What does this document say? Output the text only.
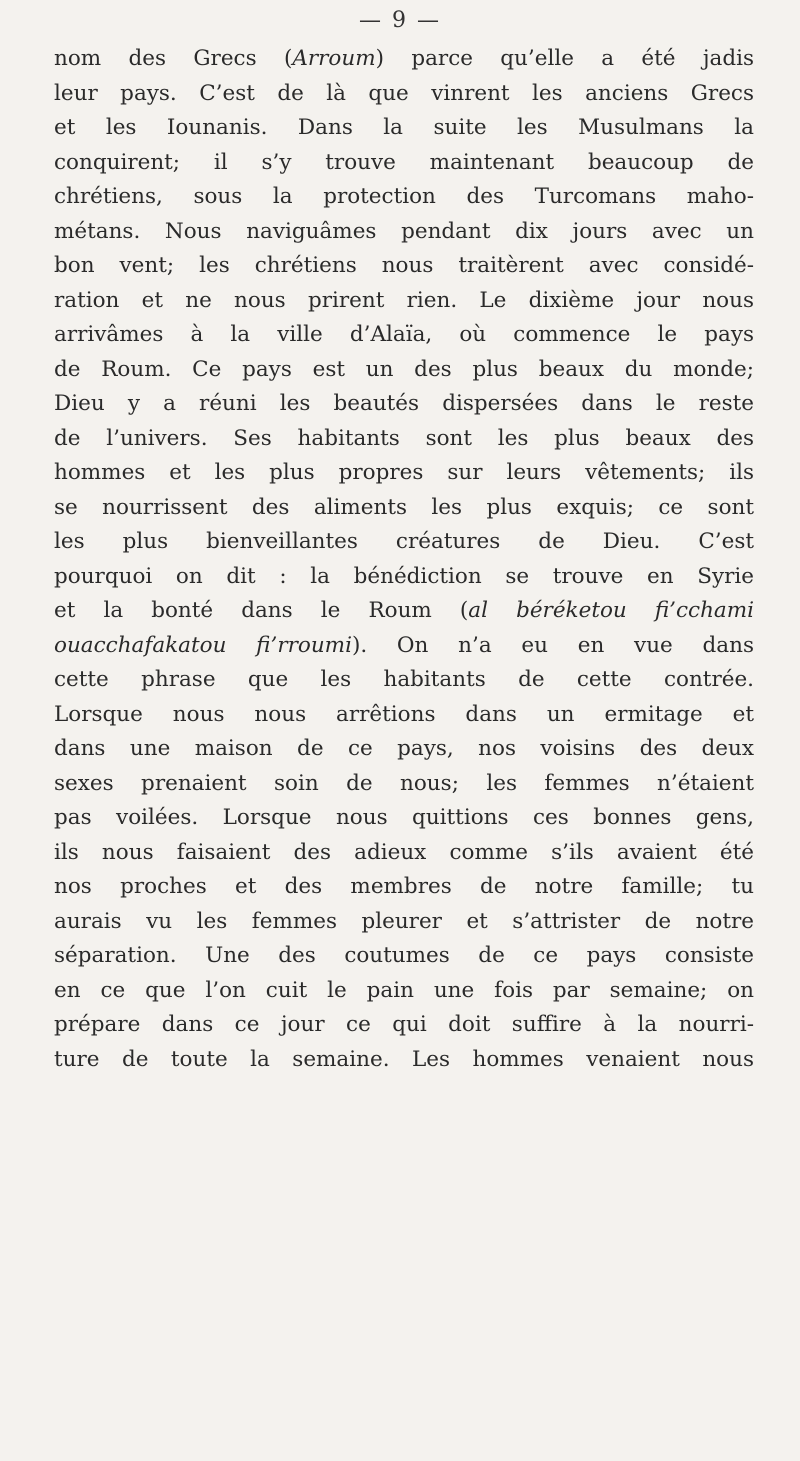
— 9 —
nom des Grecs (Arroum) parce qu’elle a été jadis
leur pays. C’est de là que vinrent les anciens Grecs
et les Iounanis. Dans la suite les Musulmans la
conquirent; il s’y trouve maintenant beaucoup de
chrétiens, sous la protection des Turcomans maho-
métans. Nous naviguâmes pendant dix jours avec un
bon vent; les chrétiens nous traitèrent avec considé-
ration et ne nous prirent rien. Le dixième jour nous
arrivâmes à la ville d’Alaïa, où commence le pays
de Roum. Ce pays est un des plus beaux du monde;
Dieu y a réuni les beautés dispersées dans le reste
de l’univers. Ses habitants sont les plus beaux des
hommes et les plus propres sur leurs vêtements; ils
se nourrissent des aliments les plus exquis; ce sont
les plus bienveillantes créatures de Dieu. C’est
pourquoi on dit : la bénédiction se trouve en Syrie
et la bonté dans le Roum (al béréketou fi’cchami
ouacchafakatou fi’rroumi). On n’a eu en vue dans
cette phrase que les habitants de cette contrée.
Lorsque nous nous arrêtions dans un ermitage et
dans une maison de ce pays, nos voisins des deux
sexes prenaient soin de nous; les femmes n’étaient
pas voilées. Lorsque nous quittions ces bonnes gens,
ils nous faisaient des adieux comme s’ils avaient été
nos proches et des membres de notre famille; tu
aurais vu les femmes pleurer et s’attrister de notre
séparation. Une des coutumes de ce pays consiste
en ce que l’on cuit le pain une fois par semaine; on
prépare dans ce jour ce qui doit suffire à la nourri-
ture de toute la semaine. Les hommes venaient nous
